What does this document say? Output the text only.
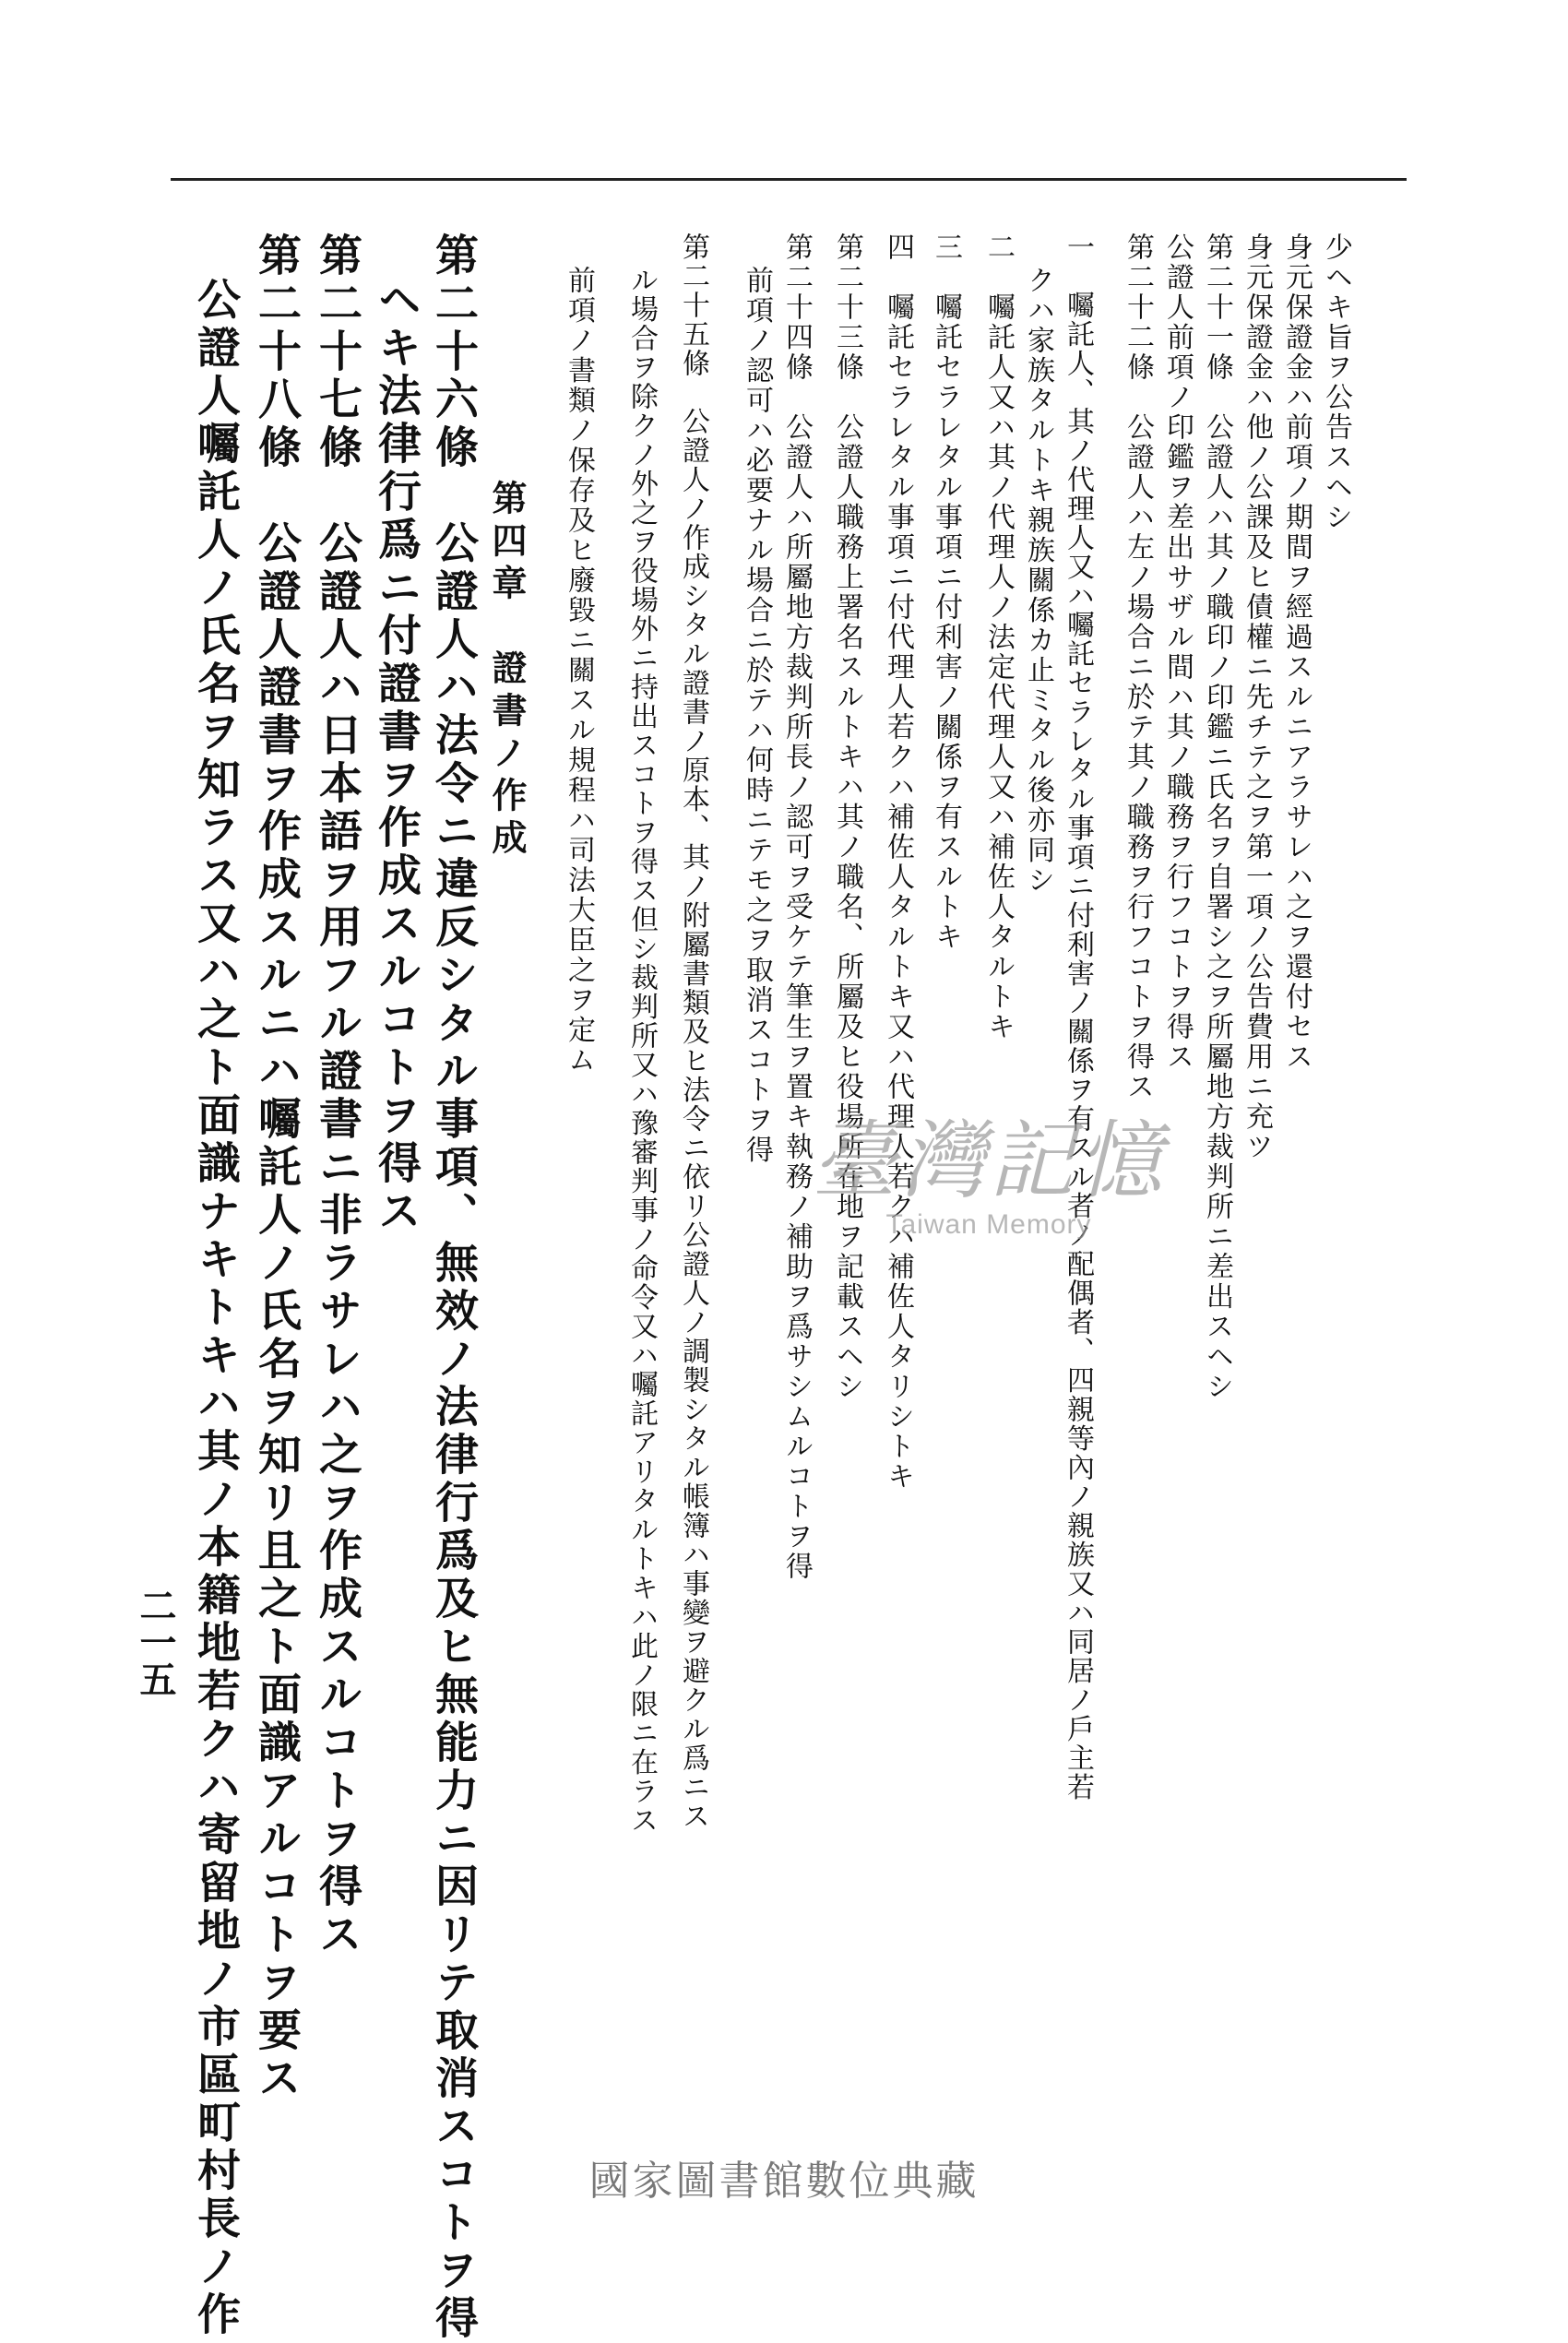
少ヘキ旨ヲ公告スヘシ
身元保證金ハ前項ノ期間ヲ經過スルニアラサレハ之ヲ還付セス
身元保證金ハ他ノ公課及ヒ債權ニ先チテ之ヲ第一項ノ公告費用ニ充ツ
第二十一條　公證人ハ其ノ職印ノ印鑑ニ氏名ヲ自署シ之ヲ所屬地方裁判所ニ差出スヘシ
公證人前項ノ印鑑ヲ差出サザル間ハ其ノ職務ヲ行フコトヲ得ス
第二十二條　公證人ハ左ノ場合ニ於テ其ノ職務ヲ行フコトヲ得ス
一　囑託人、其ノ代理人又ハ囑託セラレタル事項ニ付利害ノ關係ヲ有スル者ノ配偶者、四親等內ノ親族又ハ同居ノ戶主若
クハ家族タルトキ親族關係カ止ミタル後亦同シ
二　囑託人又ハ其ノ代理人ノ法定代理人又ハ補佐人タルトキ
三　囑託セラレタル事項ニ付利害ノ關係ヲ有スルトキ
四　囑託セラレタル事項ニ付代理人若クハ補佐人タルトキ又ハ代理人若クハ補佐人タリシトキ
第二十三條　公證人職務上署名スルトキハ其ノ職名、所屬及ヒ役場所在地ヲ記載スヘシ
第二十四條　公證人ハ所屬地方裁判所長ノ認可ヲ受ケテ筆生ヲ置キ執務ノ補助ヲ爲サシムルコトヲ得
前項ノ認可ハ必要ナル場合ニ於テハ何時ニテモ之ヲ取消スコトヲ得
第二十五條　公證人ノ作成シタル證書ノ原本、其ノ附屬書類及ヒ法令ニ依リ公證人ノ調製シタル帳簿ハ事變ヲ避クル爲ニス
ル場合ヲ除クノ外之ヲ役場外ニ持出スコトヲ得ス但シ裁判所又ハ豫審判事ノ命令又ハ囑託アリタルトキハ此ノ限ニ在ラス
前項ノ書類ノ保存及ヒ廢毀ニ關スル規程ハ司法大臣之ヲ定ム
第四章　證書ノ作成
第二十六條　公證人ハ法令ニ違反シタル事項、無效ノ法律行爲及ヒ無能力ニ因リテ取消スコトヲ得
ヘキ法律行爲ニ付證書ヲ作成スルコトヲ得ス
第二十七條　公證人ハ日本語ヲ用フル證書ニ非ラサレハ之ヲ作成スルコトヲ得ス
第二十八條　公證人證書ヲ作成スルニハ囑託人ノ氏名ヲ知リ且之ト面識アルコトヲ要ス
公證人囑託人ノ氏名ヲ知ラス又ハ之ト面識ナキトキハ其ノ本籍地若クハ寄留地ノ市區町村長ノ作
二一五
臺灣記憶
Taiwan Memory
國家圖書館數位典藏
